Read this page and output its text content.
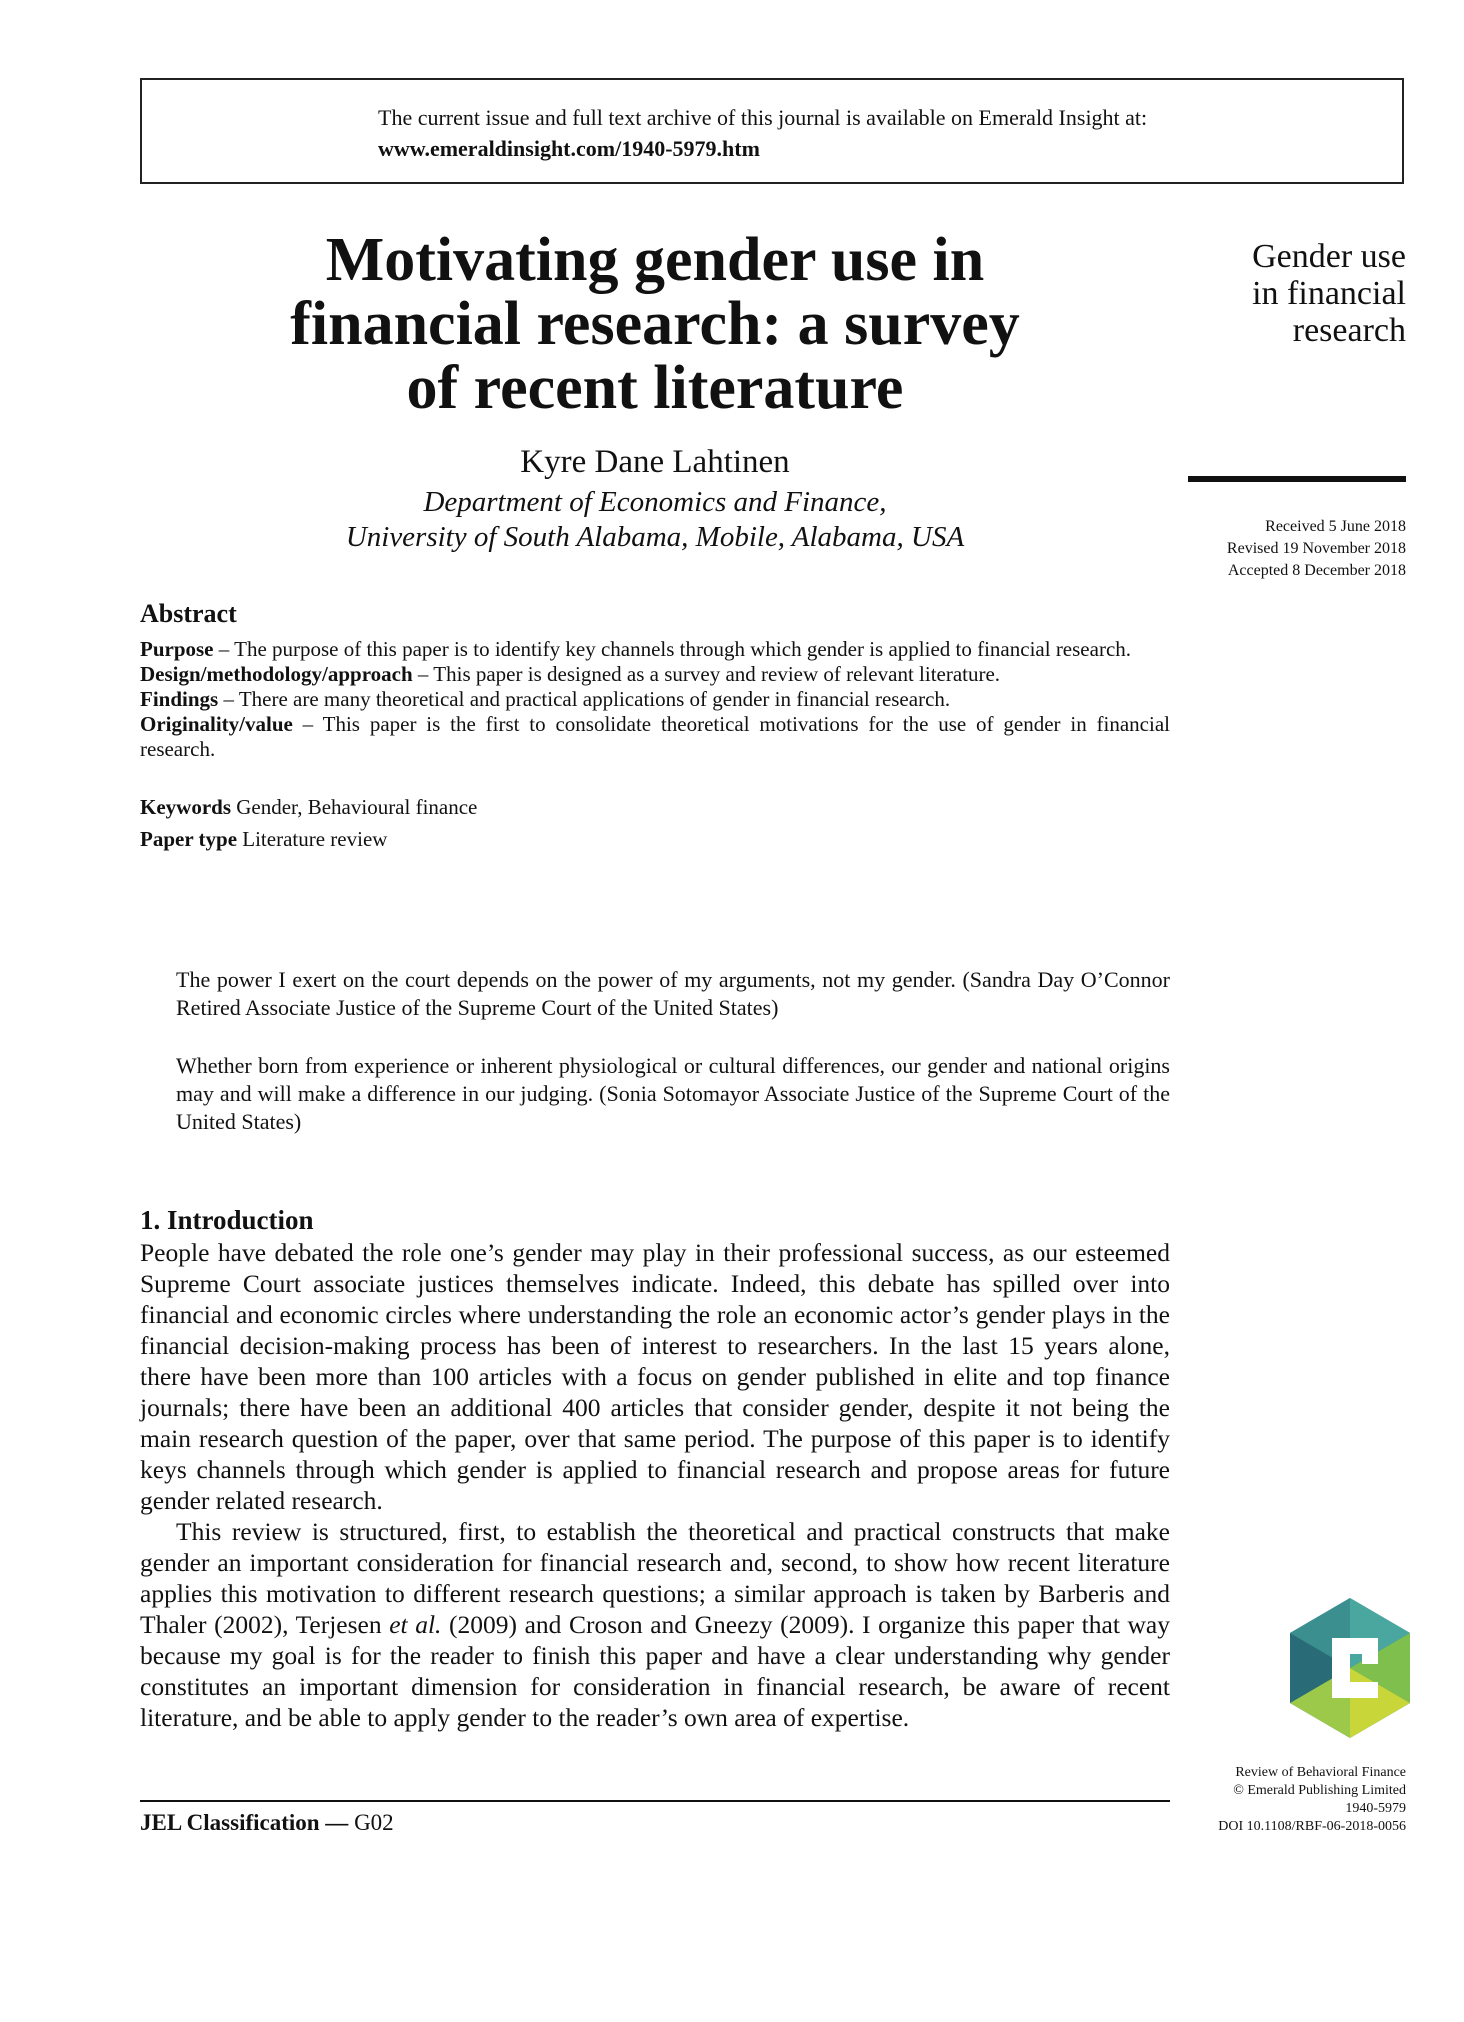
The current issue and full text archive of this journal is available on Emerald Insight at:
www.emeraldinsight.com/1940-5979.htm
Motivating gender use in
financial research: a survey
of recent literature
Kyre Dane Lahtinen
Department of Economics and Finance,
University of South Alabama, Mobile, Alabama, USA
Gender use
in financial
research
Received 5 June 2018
Revised 19 November 2018
Accepted 8 December 2018
Abstract

Purpose – The purpose of this paper is to identify key channels through which gender is applied to financial research.

Design/methodology/approach – This paper is designed as a survey and review of relevant literature.

Findings – There are many theoretical and practical applications of gender in financial research.

Originality/value – This paper is the first to consolidate theoretical motivations for the use of gender in financial research.

Keywords Gender, Behavioural finance
Paper type Literature review
The power I exert on the court depends on the power of my arguments, not my gender. (Sandra Day O’Connor Retired Associate Justice of the Supreme Court of the United States)
Whether born from experience or inherent physiological or cultural differences, our gender and national origins may and will make a difference in our judging. (Sonia Sotomayor Associate Justice of the Supreme Court of the United States)
1. Introduction

People have debated the role one’s gender may play in their professional success, as our esteemed Supreme Court associate justices themselves indicate. Indeed, this debate has spilled over into financial and economic circles where understanding the role an economic actor’s gender plays in the financial decision-making process has been of interest to researchers. In the last 15 years alone, there have been more than 100 articles with a focus on gender published in elite and top finance journals; there have been an additional 400 articles that consider gender, despite it not being the main research question of the paper, over that same period. The purpose of this paper is to identify keys channels through which gender is applied to financial research and propose areas for future gender related research.

This review is structured, first, to establish the theoretical and practical constructs that make gender an important consideration for financial research and, second, to show how recent literature applies this motivation to different research questions; a similar approach is taken by Barberis and Thaler (2002), Terjesen et al. (2009) and Croson and Gneezy (2009). I organize this paper that way because my goal is for the reader to finish this paper and have a clear understanding why gender constitutes an important dimension for consideration in financial research, be aware of recent literature, and be able to apply gender to the reader’s own area of expertise.

JEL Classification — G02
Review of Behavioral Finance
© Emerald Publishing Limited
1940-5979
DOI 10.1108/RBF-06-2018-0056
